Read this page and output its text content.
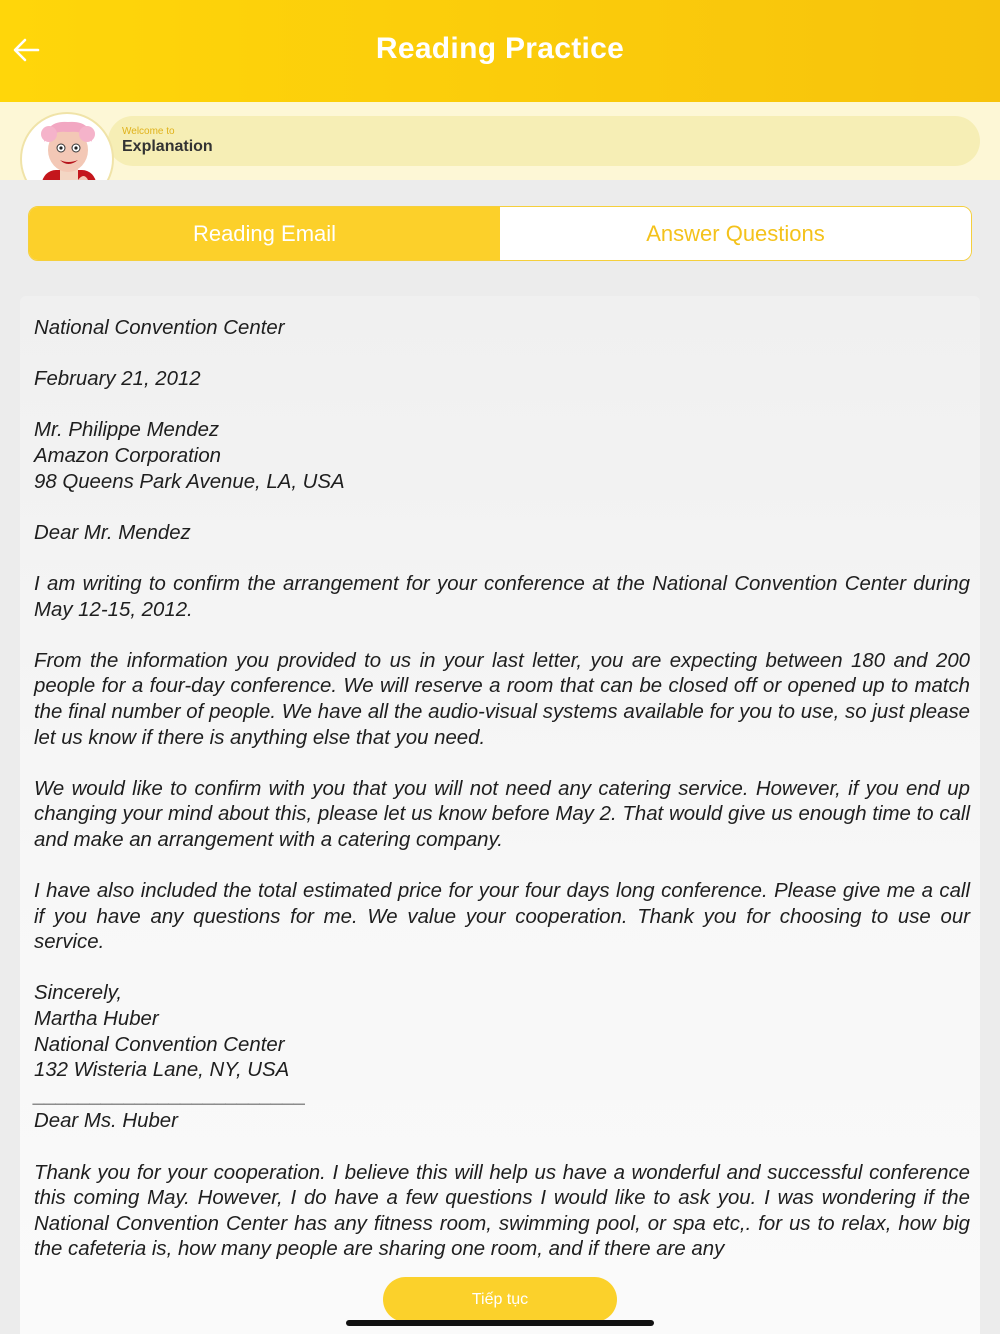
Reading Practice
Welcome to
Explanation
Reading Email	Answer Questions

National Convention Center

February 21, 2012

Mr. Philippe Mendez

Amazon Corporation

98 Queens Park Avenue, LA, USA

Dear Mr. Mendez

I am writing to confirm the arrangement for your conference at the National Convention Center during May 12-15, 2012.

From the information you provided to us in your last letter, you are expecting between 180 and 200 people for a four-day conference. We will reserve a room that can be closed off or opened up to match the final number of people. We have all the audio-visual systems available for you to use, so just please let us know if there is anything else that you need.

We would like to confirm with you that you will not need any catering service. However, if you end up changing your mind about this, please let us know before May 2. That would give us enough time to call and make an arrangement with a catering company.

I have also included the total estimated price for your four days long conference. Please give me a call if you have any questions for me. We value your cooperation. Thank you for choosing to use our service.

Sincerely,

Martha Huber

National Convention Center

132 Wisteria Lane, NY, USA

________________________

Dear Ms. Huber

Thank you for your cooperation. I believe this will help us have a wonderful and successful conference this coming May. However, I do have a few questions I would like to ask you. I was wondering if the National Convention Center has any fitness room, swimming pool, or spa etc,. for us to relax, how big the cafeteria is, how many people are sharing one room, and if there are any

Tiếp tục
